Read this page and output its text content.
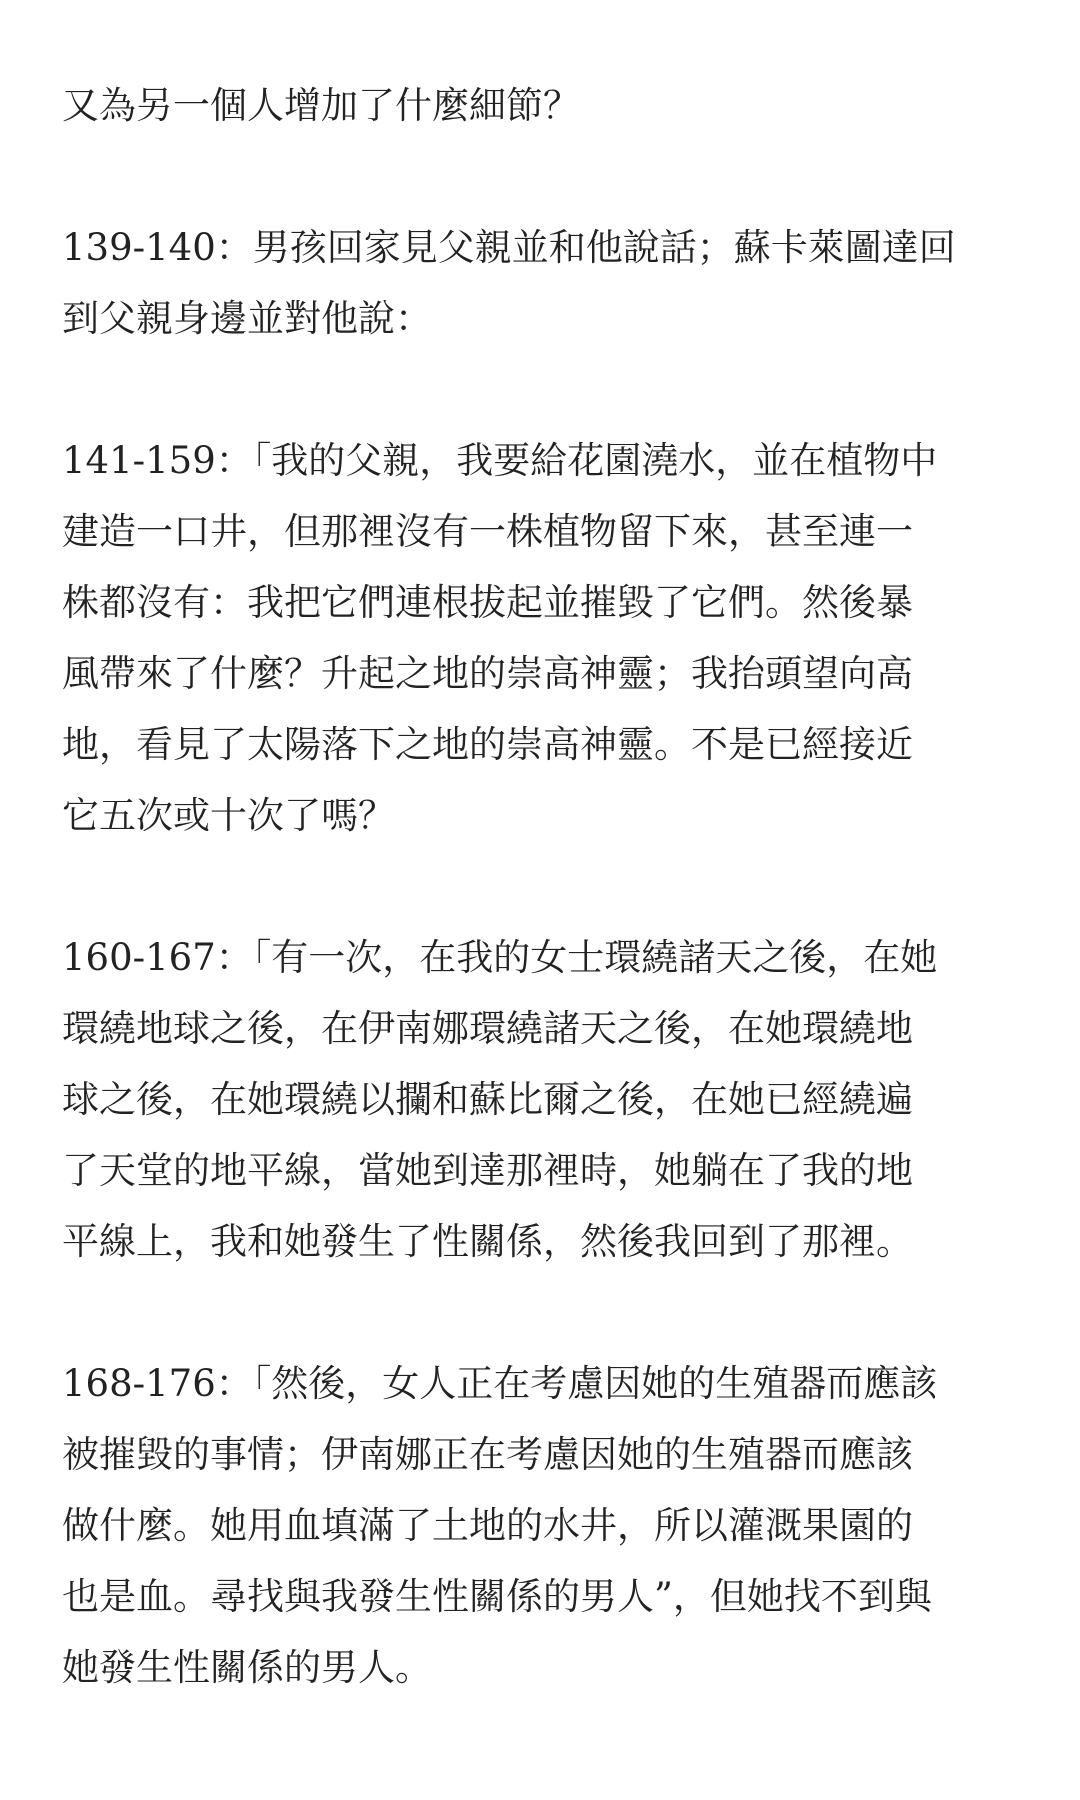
又為另一個人增加了什麼細節？

139-140：男孩回家見父親並和他說話；蘇卡萊圖達回
到父親身邊並對他說：

141-159：「我的父親，我要給花園澆水，並在植物中
建造一口井，但那裡沒有一株植物留下來，甚至連一
株都沒有：我把它們連根拔起並摧毀了它們。然後暴
風帶來了什麼？升起之地的崇高神靈；我抬頭望向高
地，看見了太陽落下之地的崇高神靈。不是已經接近
它五次或十次了嗎？

160-167：「有一次，在我的女士環繞諸天之後，在她
環繞地球之後，在伊南娜環繞諸天之後，在她環繞地
球之後，在她環繞以攔和蘇比爾之後，在她已經繞遍
了天堂的地平線，當她到達那裡時，她躺在了我的地
平線上，我和她發生了性關係，然後我回到了那裡。

168-176：「然後，女人正在考慮因她的生殖器而應該
被摧毀的事情；伊南娜正在考慮因她的生殖器而應該
做什麼。她用血填滿了土地的水井，所以灌溉果園的
也是血。尋找與我發生性關係的男人”，但她找不到與
她發生性關係的男人。
